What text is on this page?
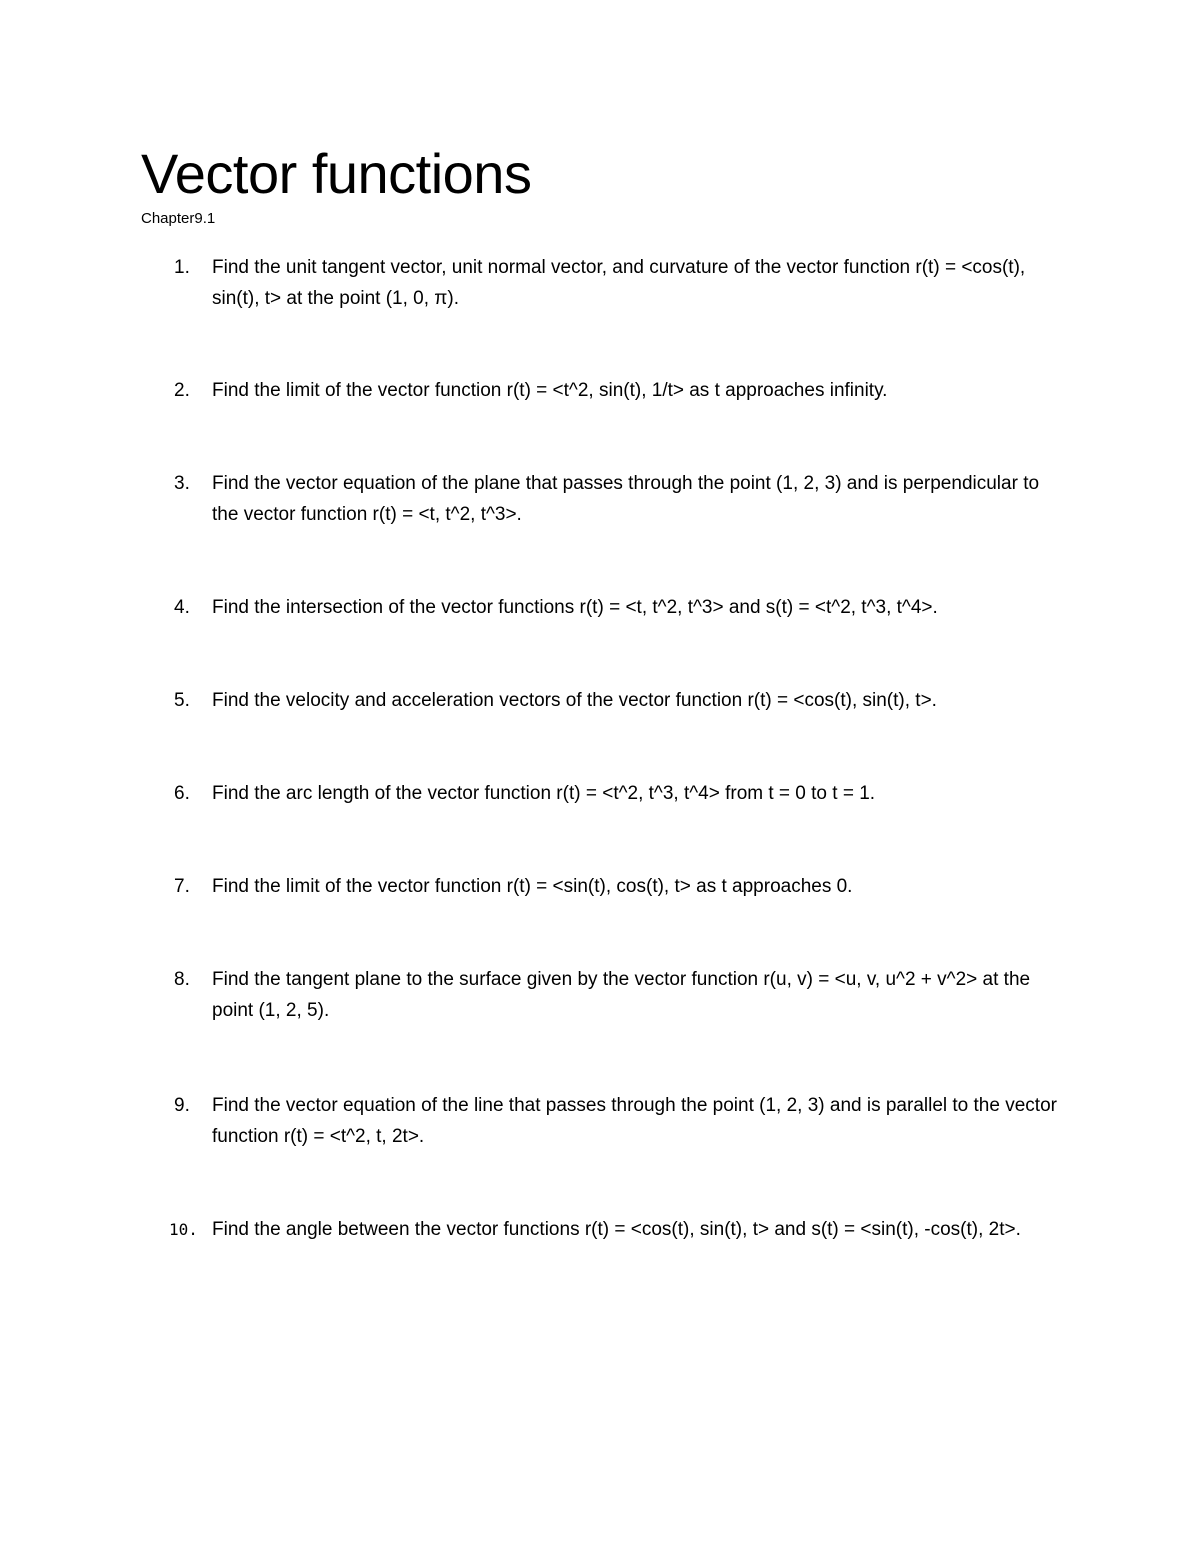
Vector functions
Chapter9.1
1. Find the unit tangent vector, unit normal vector, and curvature of the vector function r(t) = <cos(t), sin(t), t> at the point (1, 0, π).
2. Find the limit of the vector function r(t) = <t^2, sin(t), 1/t> as t approaches infinity.
3. Find the vector equation of the plane that passes through the point (1, 2, 3) and is perpendicular to the vector function r(t) = <t, t^2, t^3>.
4. Find the intersection of the vector functions r(t) = <t, t^2, t^3> and s(t) = <t^2, t^3, t^4>.
5. Find the velocity and acceleration vectors of the vector function r(t) = <cos(t), sin(t), t>.
6. Find the arc length of the vector function r(t) = <t^2, t^3, t^4> from t = 0 to t = 1.
7. Find the limit of the vector function r(t) = <sin(t), cos(t), t> as t approaches 0.
8. Find the tangent plane to the surface given by the vector function r(u, v) = <u, v, u^2 + v^2> at the point (1, 2, 5).
9. Find the vector equation of the line that passes through the point (1, 2, 3) and is parallel to the vector function r(t) = <t^2, t, 2t>.
10. Find the angle between the vector functions r(t) = <cos(t), sin(t), t> and s(t) = <sin(t), -cos(t), 2t>.
